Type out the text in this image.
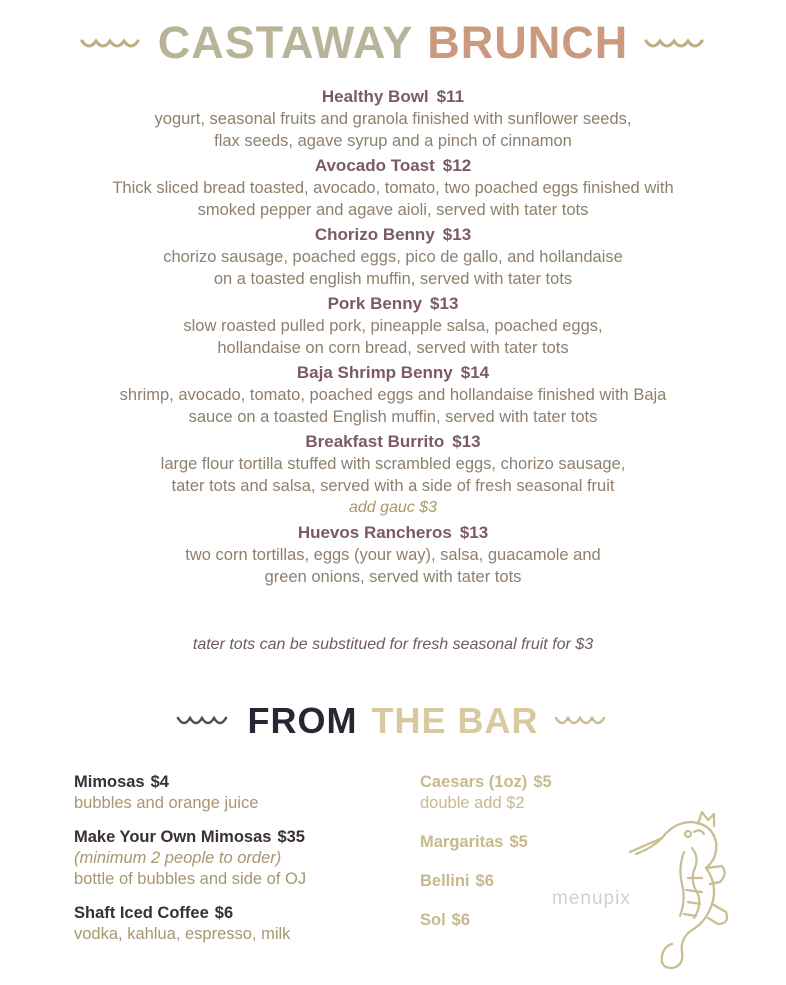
CASTAWAY BRUNCH
Healthy Bowl $11
yogurt, seasonal fruits and granola finished with sunflower seeds,
flax seeds, agave syrup and a pinch of cinnamon
Avocado Toast $12
Thick sliced bread toasted, avocado, tomato, two poached eggs finished with
smoked pepper and agave aioli, served with tater tots
Chorizo Benny $13
chorizo sausage, poached eggs, pico de gallo, and hollandaise
on a toasted english muffin, served with tater tots
Pork Benny $13
slow roasted pulled pork, pineapple salsa, poached eggs,
hollandaise on corn bread, served with tater tots
Baja Shrimp Benny $14
shrimp, avocado, tomato, poached eggs and hollandaise finished with Baja
sauce on a toasted English muffin, served with tater tots
Breakfast Burrito $13
large flour tortilla stuffed with scrambled eggs, chorizo sausage,
tater tots and salsa, served with a side of fresh seasonal fruit
add gauc $3
Huevos Rancheros $13
two corn tortillas, eggs (your way), salsa, guacamole and
green onions, served with tater tots
tater tots can be substitued for fresh seasonal fruit for $3
FROM THE BAR
Mimosas $4
bubbles and orange juice
Make Your Own Mimosas $35
(minimum 2 people to order)
bottle of bubbles and side of OJ
Shaft Iced Coffee $6
vodka, kahlua, espresso, milk
Caesars (1oz) $5
double add $2
Margaritas $5
Bellini $6
Sol $6
menupix
